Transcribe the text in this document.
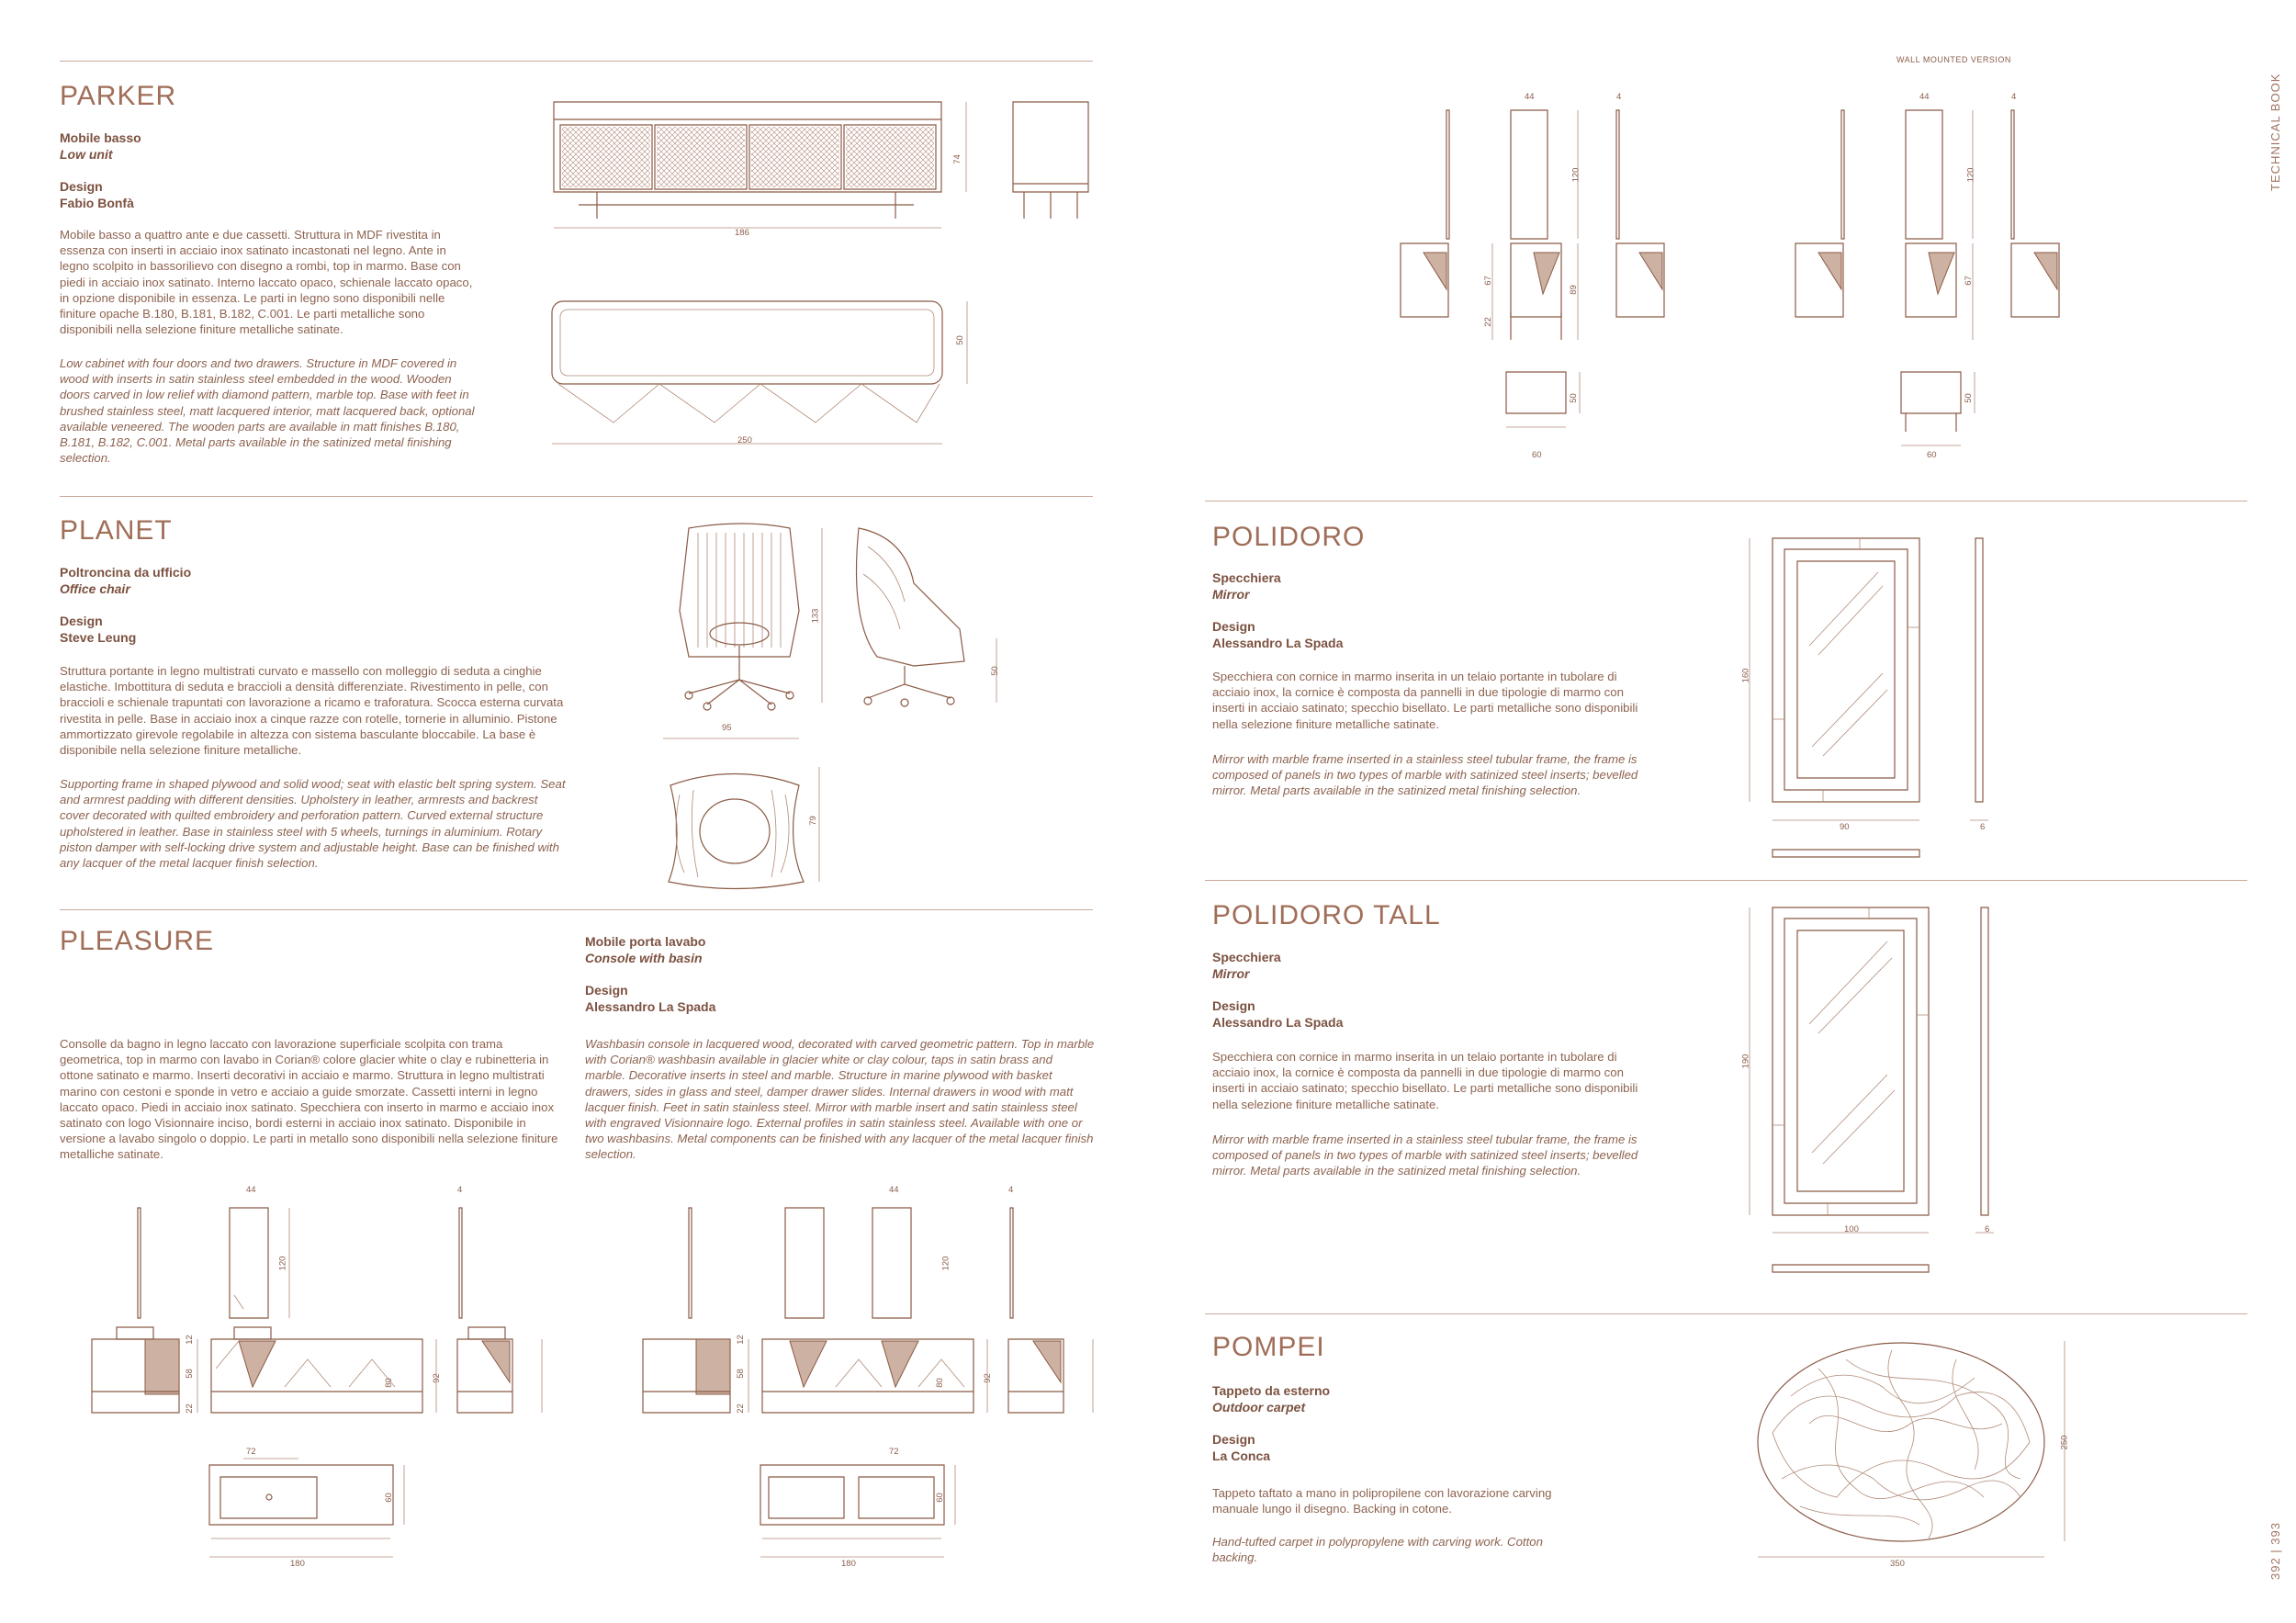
TECHNICAL BOOK
392 | 393
PARKER
Mobile basso
Low unit
Design
Fabio Bonfà
Mobile basso a quattro ante e due cassetti. Struttura in MDF rivestita in essenza con inserti in acciaio inox satinato incastonati nel legno. Ante in legno scolpito in bassorilievo con disegno a rombi, top in marmo. Base con piedi in acciaio inox satinato. Interno laccato opaco, schienale laccato opaco, in opzione disponibile in essenza. Le parti in legno sono disponibili nelle finiture opache B.180, B.181, B.182, C.001. Le parti metalliche sono disponibili nella selezione finiture metalliche satinate.
Low cabinet with four doors and two drawers. Structure in MDF covered in wood with inserts in satin stainless steel embedded in the wood. Wooden doors carved in low relief with diamond pattern, marble top. Base with feet in brushed stainless steel, matt lacquered interior, matt lacquered back, optional available veneered. The wooden parts are available in matt finishes B.180, B.181, B.182, C.001. Metal parts available in the satinized metal finishing selection.
74
186
50
250
PLANET
Poltroncina da ufficio
Office chair
Design
Steve Leung
Struttura portante in legno multistrati curvato e massello con molleggio di seduta a cinghie elastiche. Imbottitura di seduta e braccioli a densità differenziate. Rivestimento in pelle, con braccioli e schienale trapuntati con lavorazione a ricamo e traforatura. Scocca esterna curvata rivestita in pelle. Base in acciaio inox a cinque razze con rotelle, tornerie in alluminio. Pistone ammortizzato girevole regolabile in altezza con sistema basculante bloccabile. La base è disponibile nella selezione finiture metalliche.
Supporting frame in shaped plywood and solid wood; seat with elastic belt spring system. Seat and armrest padding with different densities. Upholstery in leather, armrests and backrest cover decorated with quilted embroidery and perforation pattern. Curved external structure upholstered in leather. Base in stainless steel with 5 wheels, turnings in aluminium. Rotary piston damper with self-locking drive system and adjustable height. Base can be finished with any lacquer of the metal lacquer finish selection.
133
50
95
79
PLEASURE	Mobile porta lavabo
Console with basin
Design
Alessandro La Spada
Consolle da bagno in legno laccato con lavorazione superficiale scolpita con trama geometrica, top in marmo con lavabo in Corian® colore glacier white o clay e rubinetteria in ottone satinato e marmo. Inserti decorativi in acciaio e marmo. Struttura in legno multistrati marino con cestoni e sponde in vetro e acciaio a guide smorzate. Cassetti interni in legno laccato opaco. Piedi in acciaio inox satinato. Specchiera con inserto in marmo e acciaio inox satinato con logo Visionnaire inciso, bordi esterni in acciaio inox satinato. Disponibile in versione a lavabo singolo o doppio. Le parti in metallo sono disponibili nella selezione finiture metalliche satinate.
Washbasin console in lacquered wood, decorated with carved geometric pattern. Top in marble with Corian® washbasin available in glacier white or clay colour, taps in satin brass and marble. Decorative inserts in steel and marble. Structure in marine plywood with basket drawers, sides in glass and steel, damper drawer slides. Internal drawers in wood with matt lacquer finish. Feet in satin stainless steel. Mirror with marble insert and satin stainless steel with engraved Visionnaire logo. External profiles in satin stainless steel. Available with one or two washbasins. Metal components can be finished with any lacquer of the metal lacquer finish selection.
44
120
4
12
58
22
80	92
72
60
180
44
120
4
12
58
22
80	92
72
60
180
WALL MOUNTED VERSION
44	4
120
67
22
89
50
60
44	4
120
67
50
60
POLIDORO
Specchiera
Mirror
Design
Alessandro La Spada
Specchiera con cornice in marmo inserita in un telaio portante in tubolare di acciaio inox, la cornice è composta da pannelli in due tipologie di marmo con inserti in acciaio satinato; specchio bisellato. Le parti metalliche sono disponibili nella selezione finiture metalliche satinate.
Mirror with marble frame inserted in a stainless steel tubular frame, the frame is composed of panels in two types of marble with satinized steel inserts; bevelled mirror. Metal parts available in the satinized metal finishing selection.
160
90	6
POLIDORO TALL
Specchiera
Mirror
Design
Alessandro La Spada
Specchiera con cornice in marmo inserita in un telaio portante in tubolare di acciaio inox, la cornice è composta da pannelli in due tipologie di marmo con inserti in acciaio satinato; specchio bisellato. Le parti metalliche sono disponibili nella selezione finiture metalliche satinate.
Mirror with marble frame inserted in a stainless steel tubular frame, the frame is composed of panels in two types of marble with satinized steel inserts; bevelled mirror. Metal parts available in the satinized metal finishing selection.
190
100	6
POMPEI
Tappeto da esterno
Outdoor carpet
Design
La Conca
Tappeto taftato a mano in polipropilene con lavorazione carving manuale lungo il disegno. Backing in cotone.
Hand-tufted carpet in polypropylene with carving work. Cotton backing.
250
350
